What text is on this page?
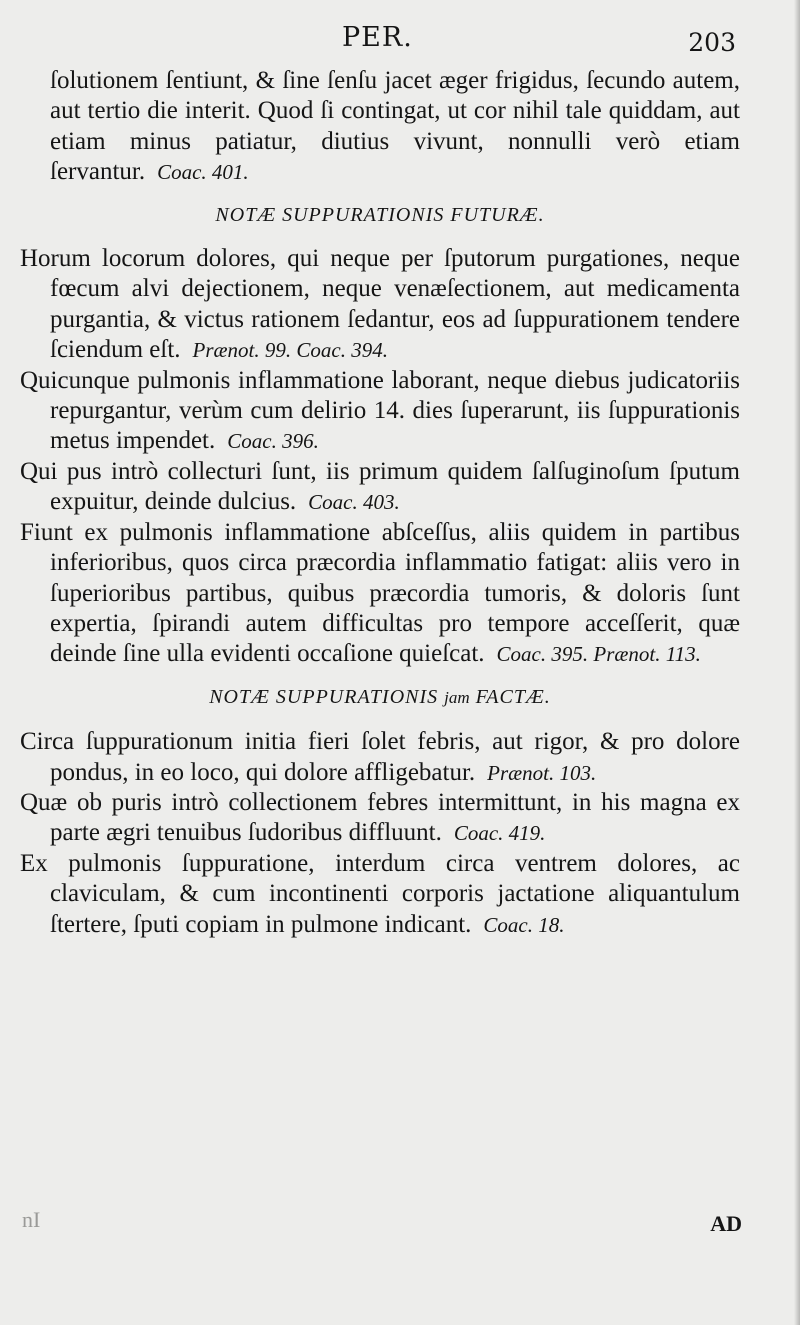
PER.	203

ſolutionem ſentiunt, & ſine ſenſu jacet æger frigidus, ſecundo autem, aut tertio die interit. Quod ſi contingat, ut cor nihil tale quiddam, aut etiam minus patiatur, diutius vivunt, nonnulli verò etiam ſervantur. Coac. 401.

NOTÆ SUPPURATIONIS FUTURÆ.

Horum locorum dolores, qui neque per ſputorum purgationes, neque fœcum alvi dejectionem, neque venæſectionem, aut medicamenta purgantia, & victus rationem ſedantur, eos ad ſuppurationem tendere ſciendum eſt. Prænot. 99. Coac. 394.

Quicunque pulmonis inflammatione laborant, neque diebus judicatoriis repurgantur, verùm cum delirio 14. dies ſuperarunt, iis ſuppurationis metus impendet. Coac. 396.

Qui pus intrò collecturi ſunt, iis primum quidem ſalſuginoſum ſputum expuitur, deinde dulcius. Coac. 403.

Fiunt ex pulmonis inflammatione abſceſſus, aliis quidem in partibus inferioribus, quos circa præcordia inflammatio fatigat: aliis vero in ſuperioribus partibus, quibus præcordia tumoris, & doloris ſunt expertia, ſpirandi autem difficultas pro tempore acceſſerit, quæ deinde ſine ulla evidenti occaſione quieſcat. Coac. 395. Prænot. 113.

NOTÆ SUPPURATIONIS jam FACTÆ.

Circa ſuppurationum initia fieri ſolet febris, aut rigor, & pro dolore pondus, in eo loco, qui dolore affligebatur. Prænot. 103.

Quæ ob puris intrò collectionem febres intermittunt, in his magna ex parte ægri tenuibus ſudoribus diffluunt. Coac. 419.

Ex pulmonis ſuppuratione, interdum circa ventrem dolores, ac claviculam, & cum incontinenti corporis jactatione aliquantulum ſtertere, ſputi copiam in pulmone indicant. Coac. 18.

nI	AD
